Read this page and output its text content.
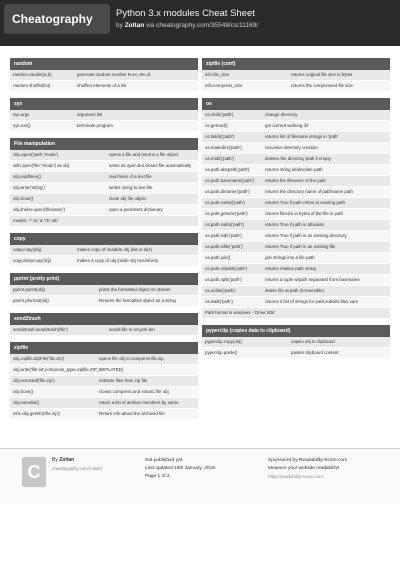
Cheatography	Python 3.x modules Cheat Sheet
by Zoltan via cheatography.com/35548/cs/11169/
random
random.randint(a,b)	generate random number N a<=N<=b
random.shuffle(list)	shuffles elements of a list
sys
sys.argv	argument list
sys.exit()	terminate program
File manipulation
obj=open('path','mode')	opens a file and returns a file object
with open('file','mode') as obj	same as open but closes file automatically
obj.readlines()	read lines of a text file
obj.write('string')	writes string to text file
obj.close()	close obj file object
obj.shelve.open('filename')	open a persistent dictionary
modes: 'r','w','a','rb','wb'
copy
copy.copy(obj)	makes copy of mutable obj (list or dict)
copy.deepcopy(obj)	makes a copy of obj inside obj recursively
pprint (pretty print)
pprint.pprint(obj)	prints the formatted object on stream
pprint.pformat(obj)	Returns the formatted object as a string
send2trash
send2trash.send2trash('file')	sends file to recycle bin
zipfile
obj=zipfile.ZipFile('file.zip')	opens file obj to compress file.zip
obj.write('file.txt',compress_type=zipfile.ZIP_DEFLATED)
obj.extractall('file.zip')	extracts files from zip file
obj.close()	closes compress and extract file obj
obj.namelist()	return a list of archive members by name
info=obj.getinfo('file.zip')	Return info about the archived file
zipfile (cont)
info.file_size	returns original file size in bytes
info.compress_size	returns the compressed file size
os
os.chdir('path')	change directory
os.getcwd()	get current working dir
os.listdir('path')	returns list of filename strings in 'path'
os.makedirs('path')	recursive directory creation
os.rmdir('path')	deletes the directory path if empty
os.path.abspath('path')	returns string w/absolute path
os.path.basename('path')	returns the filename of the path
os.path.dirname('path')	returns the directory name of path/name path
os.path.exists('path')	returns True if path refers to existing path
os.path.getsize('path')	returns filesize in bytes of the file in path
os.path.isabs('path')	returns True if path is absolute
os.path.isdir('path')	returns True if path is an existing directory
os.path.isfile('path')	returns True if path is an existing file
os.path.join()	join strings into a file path
os.path.relpath('path')	returns relative path string
os.path.split('path')	returns a tuple w/path separated from basename
os.unlink('path')	delete file at path (irreversible)
os.walk('path')	returns 3 list of strings for path,subdirs,files vars
Path format in windows - 'Drive:\\Dir'
pyperclip (copies data to clipboard)
pyperclip.copy(obj)	copies obj to clipboard
pyperclip.paste()	pastes clipboard content
C
By Zoltan
cheatography.com/zoltan/
Not published yet.
Last updated 18th January, 2018.
Page 1 of 2.
Sponsored by Readability-Score.com
Measure your website readability!
https://readability-score.com
